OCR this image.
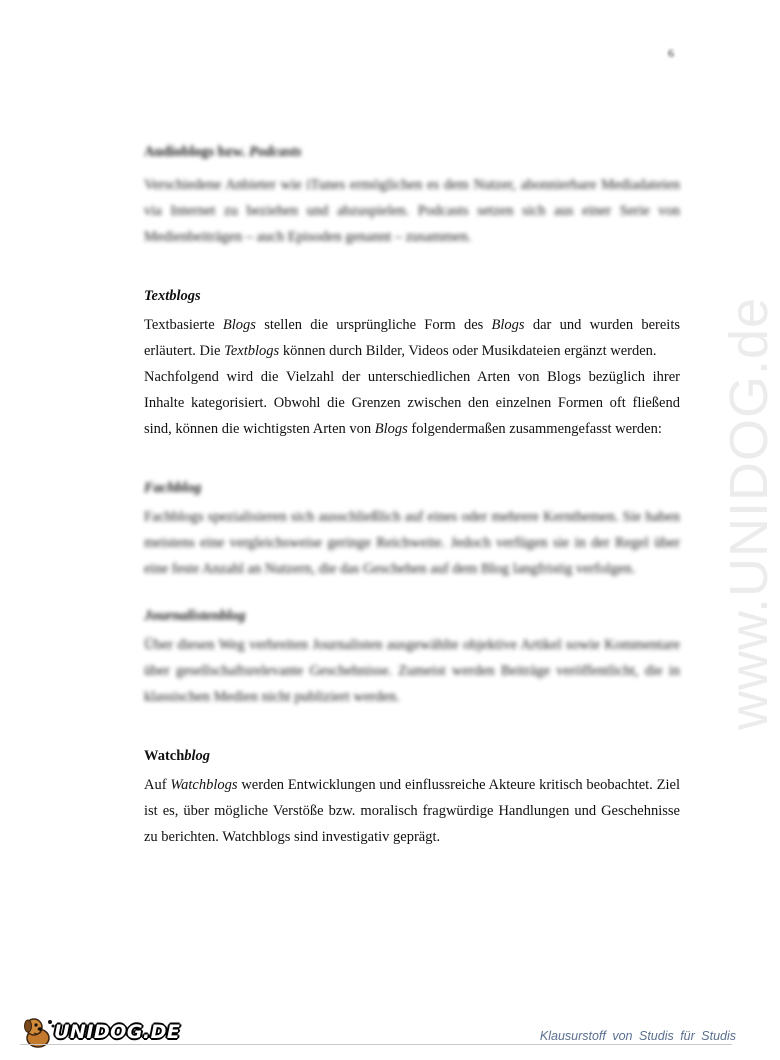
6
www.UNIDOG.de
Audioblogs bzw. Podcasts

Verschiedene Anbieter wie iTunes ermöglichen es dem Nutzer, abonnierbare Mediadateien via Internet zu beziehen und abzuspielen. Podcasts setzen sich aus einer Serie von Medienbeiträgen – auch Episoden genannt – zusammen.

Textblogs

Textbasierte Blogs stellen die ursprüngliche Form des Blogs dar und wurden bereits erläutert. Die Textblogs können durch Bilder, Videos oder Musikdateien ergänzt werden.

Nachfolgend wird die Vielzahl der unterschiedlichen Arten von Blogs bezüglich ihrer Inhalte kategorisiert. Obwohl die Grenzen zwischen den einzelnen Formen oft fließend sind, können die wichtigsten Arten von Blogs folgendermaßen zusammengefasst werden:

Fachblog

Fachblogs spezialisieren sich ausschließlich auf eines oder mehrere Kernthemen. Sie haben meistens eine vergleichsweise geringe Reichweite. Jedoch verfügen sie in der Regel über eine feste Anzahl an Nutzern, die das Geschehen auf dem Blog langfristig verfolgen.

Journalistenblog

Über diesen Weg verbreiten Journalisten ausgewählte objektive Artikel sowie Kommentare über gesellschaftsrelevante Geschehnisse. Zumeist werden Beiträge veröffentlicht, die in klassischen Medien nicht publiziert werden.

Watchblog

Auf Watchblogs werden Entwicklungen und einflussreiche Akteure kritisch beobachtet. Ziel ist es, über mögliche Verstöße bzw. moralisch fragwürdige Handlungen und Geschehnisse zu berichten. Watchblogs sind investigativ geprägt.

UNIDOG.DE	Klausurstoff von Studis für Studis
